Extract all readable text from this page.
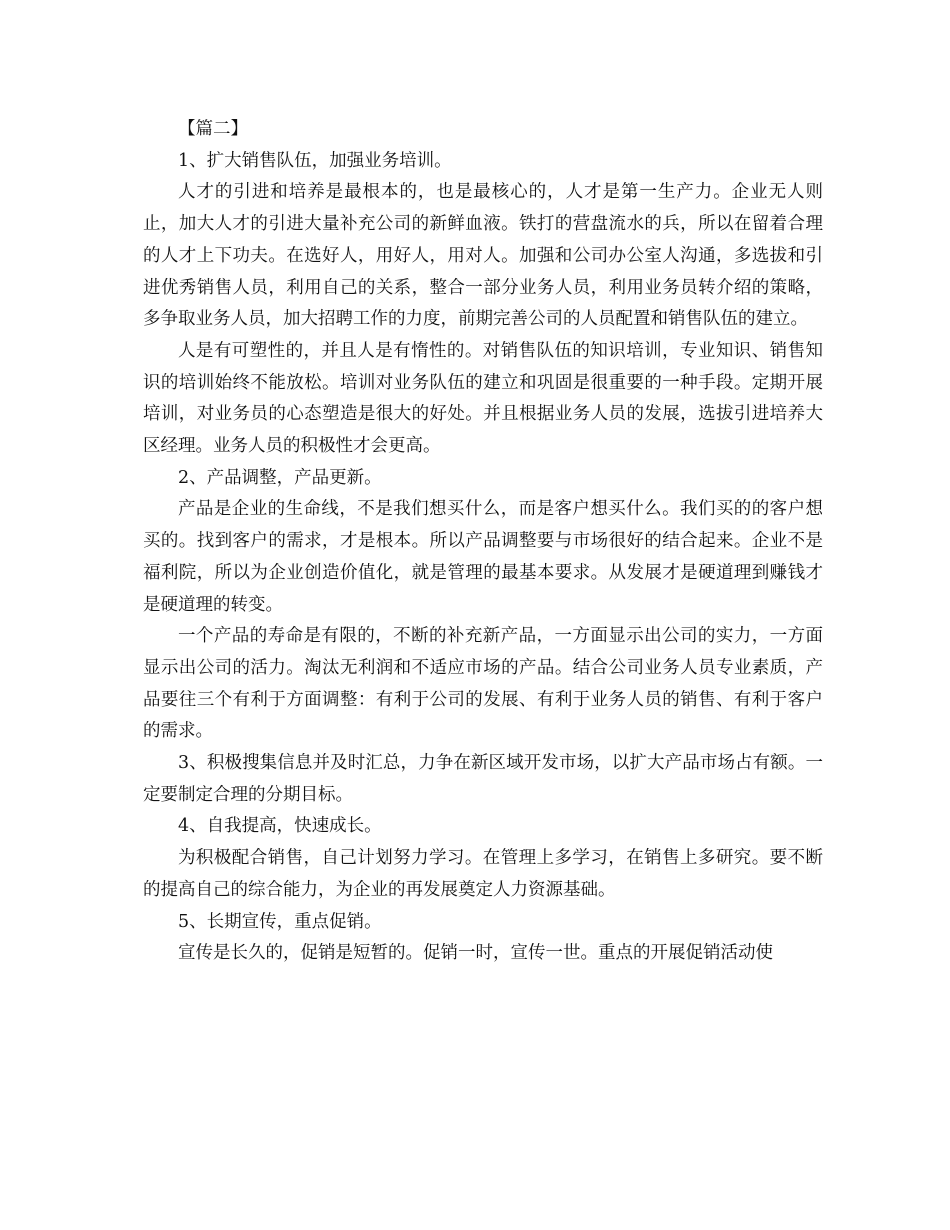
【篇二】

1、扩大销售队伍，加强业务培训。

人才的引进和培养是最根本的，也是最核心的，人才是第一生产力。企业无人则止，加大人才的引进大量补充公司的新鲜血液。铁打的营盘流水的兵，所以在留着合理的人才上下功夫。在选好人，用好人，用对人。加强和公司办公室人沟通，多选拔和引进优秀销售人员，利用自己的关系，整合一部分业务人员，利用业务员转介绍的策略，多争取业务人员，加大招聘工作的力度，前期完善公司的人员配置和销售队伍的建立。

人是有可塑性的，并且人是有惰性的。对销售队伍的知识培训，专业知识、销售知识的培训始终不能放松。培训对业务队伍的建立和巩固是很重要的一种手段。定期开展培训，对业务员的心态塑造是很大的好处。并且根据业务人员的发展，选拔引进培养大区经理。业务人员的积极性才会更高。

2、产品调整，产品更新。

产品是企业的生命线，不是我们想买什么，而是客户想买什么。我们买的的客户想买的。找到客户的需求，才是根本。所以产品调整要与市场很好的结合起来。企业不是福利院，所以为企业创造价值化，就是管理的最基本要求。从发展才是硬道理到赚钱才是硬道理的转变。

一个产品的寿命是有限的，不断的补充新产品，一方面显示出公司的实力，一方面显示出公司的活力。淘汰无利润和不适应市场的产品。结合公司业务人员专业素质，产品要往三个有利于方面调整：有利于公司的发展、有利于业务人员的销售、有利于客户的需求。

3、积极搜集信息并及时汇总，力争在新区域开发市场，以扩大产品市场占有额。一定要制定合理的分期目标。

4、自我提高，快速成长。

为积极配合销售，自己计划努力学习。在管理上多学习，在销售上多研究。要不断的提高自己的综合能力，为企业的再发展奠定人力资源基础。

5、长期宣传，重点促销。

宣传是长久的，促销是短暂的。促销一时，宣传一世。重点的开展促销活动使
